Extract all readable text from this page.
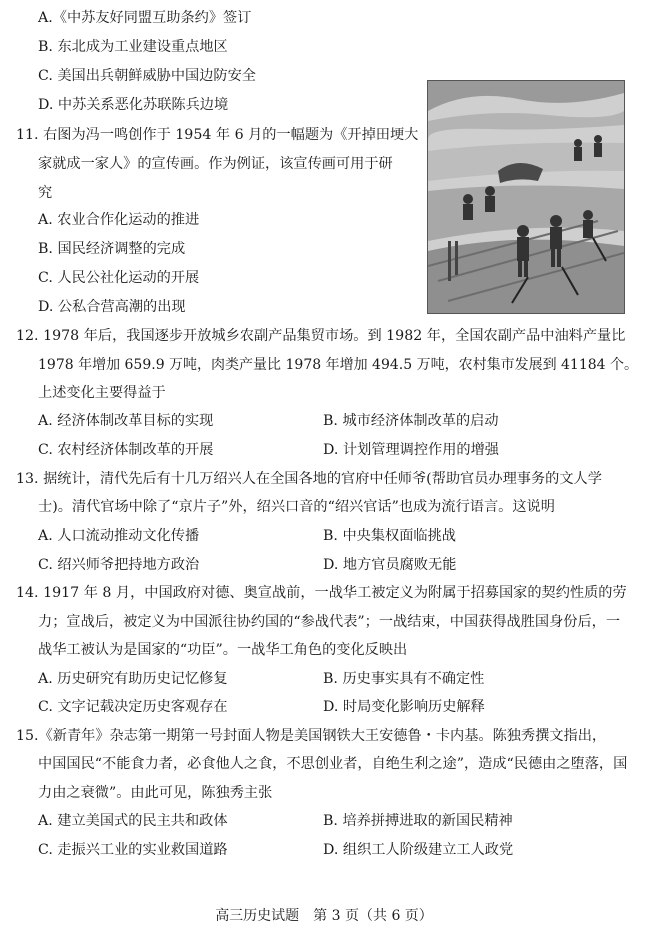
A.《中苏友好同盟互助条约》签订
B. 东北成为工业建设重点地区
C. 美国出兵朝鲜威胁中国边防安全
D. 中苏关系恶化苏联陈兵边境
11. 右图为冯一鸣创作于 1954 年 6 月的一幅题为《开掉田埂大
家就成一家人》的宣传画。作为例证，该宣传画可用于研
究
A. 农业合作化运动的推进
B. 国民经济调整的完成
C. 人民公社化运动的开展
D. 公私合营高潮的出现
12. 1978 年后，我国逐步开放城乡农副产品集贸市场。到 1982 年，全国农副产品中油料产量比
1978 年增加 659.9 万吨，肉类产量比 1978 年增加 494.5 万吨，农村集市发展到 41184 个。
上述变化主要得益于
A. 经济体制改革目标的实现	B. 城市经济体制改革的启动
C. 农村经济体制改革的开展	D. 计划管理调控作用的增强
13. 据统计，清代先后有十几万绍兴人在全国各地的官府中任师爷(帮助官员办理事务的文人学
士)。清代官场中除了“京片子”外，绍兴口音的“绍兴官话”也成为流行语言。这说明
A. 人口流动推动文化传播	B. 中央集权面临挑战
C. 绍兴师爷把持地方政治	D. 地方官员腐败无能
14. 1917 年 8 月，中国政府对德、奥宣战前，一战华工被定义为附属于招募国家的契约性质的劳
力；宣战后，被定义为中国派往协约国的“参战代表”；一战结束，中国获得战胜国身份后，一
战华工被认为是国家的“功臣”。一战华工角色的变化反映出
A. 历史研究有助历史记忆修复	B. 历史事实具有不确定性
C. 文字记载决定历史客观存在	D. 时局变化影响历史解释
15.《新青年》杂志第一期第一号封面人物是美国钢铁大王安德鲁・卡内基。陈独秀撰文指出，
中国国民“不能食力者，必食他人之食，不思创业者，自绝生利之途”，造成“民德由之堕落，国
力由之衰微”。由此可见，陈独秀主张
A. 建立美国式的民主共和政体	B. 培养拼搏进取的新国民精神
C. 走振兴工业的实业救国道路	D. 组织工人阶级建立工人政党
高三历史试题　第 3 页（共 6 页）
